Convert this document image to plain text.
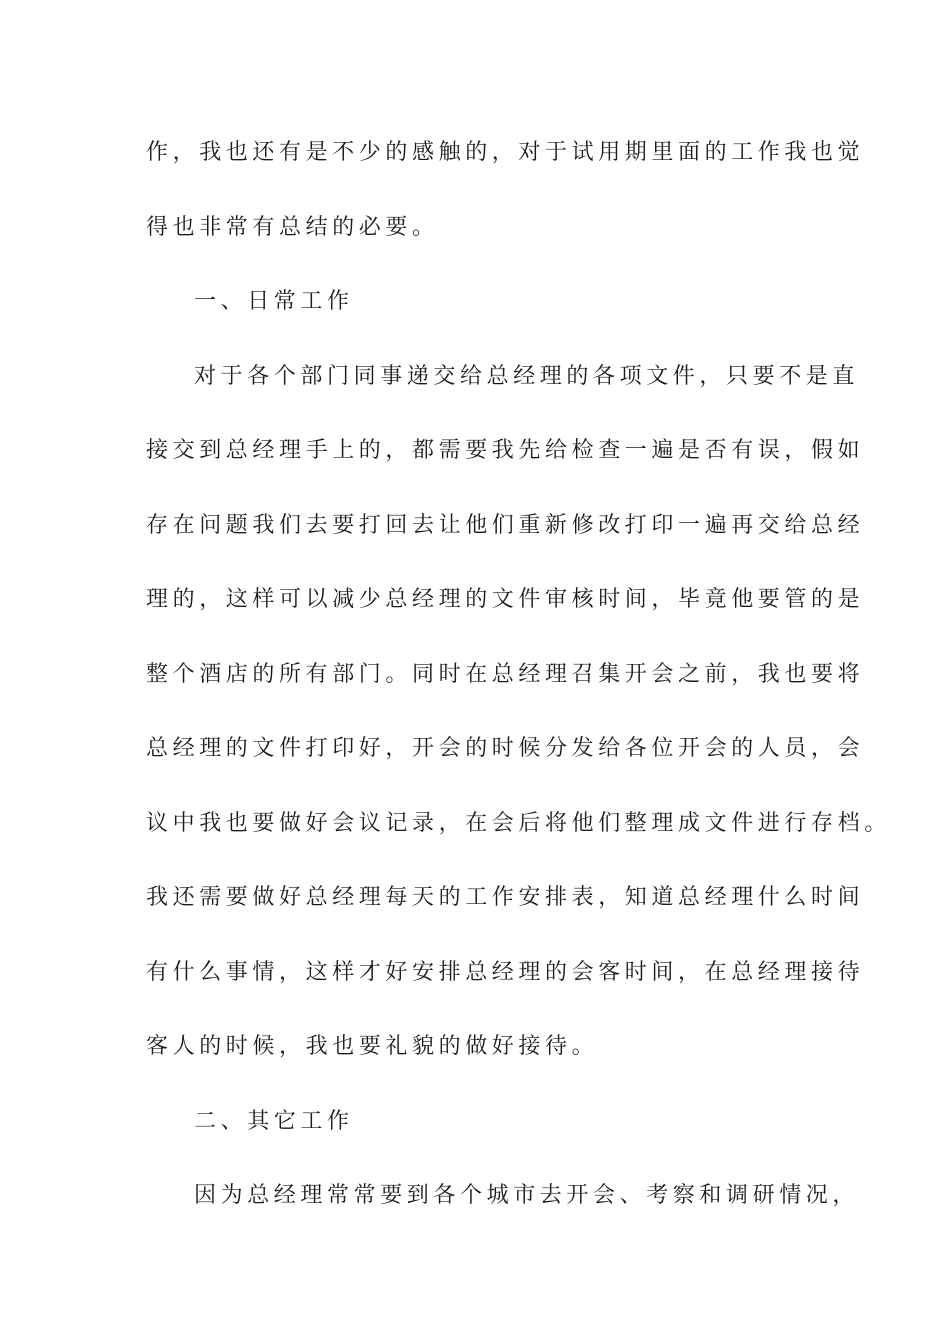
作，我也还有是不少的感触的，对于试用期里面的工作我也觉
得也非常有总结的必要。
一、日常工作
对于各个部门同事递交给总经理的各项文件，只要不是直
接交到总经理手上的，都需要我先给检查一遍是否有误，假如
存在问题我们去要打回去让他们重新修改打印一遍再交给总经
理的，这样可以减少总经理的文件审核时间，毕竟他要管的是
整个酒店的所有部门。同时在总经理召集开会之前，我也要将
总经理的文件打印好，开会的时候分发给各位开会的人员，会
议中我也要做好会议记录，在会后将他们整理成文件进行存档。
我还需要做好总经理每天的工作安排表，知道总经理什么时间
有什么事情，这样才好安排总经理的会客时间，在总经理接待
客人的时候，我也要礼貌的做好接待。
二、其它工作
因为总经理常常要到各个城市去开会、考察和调研情况，
